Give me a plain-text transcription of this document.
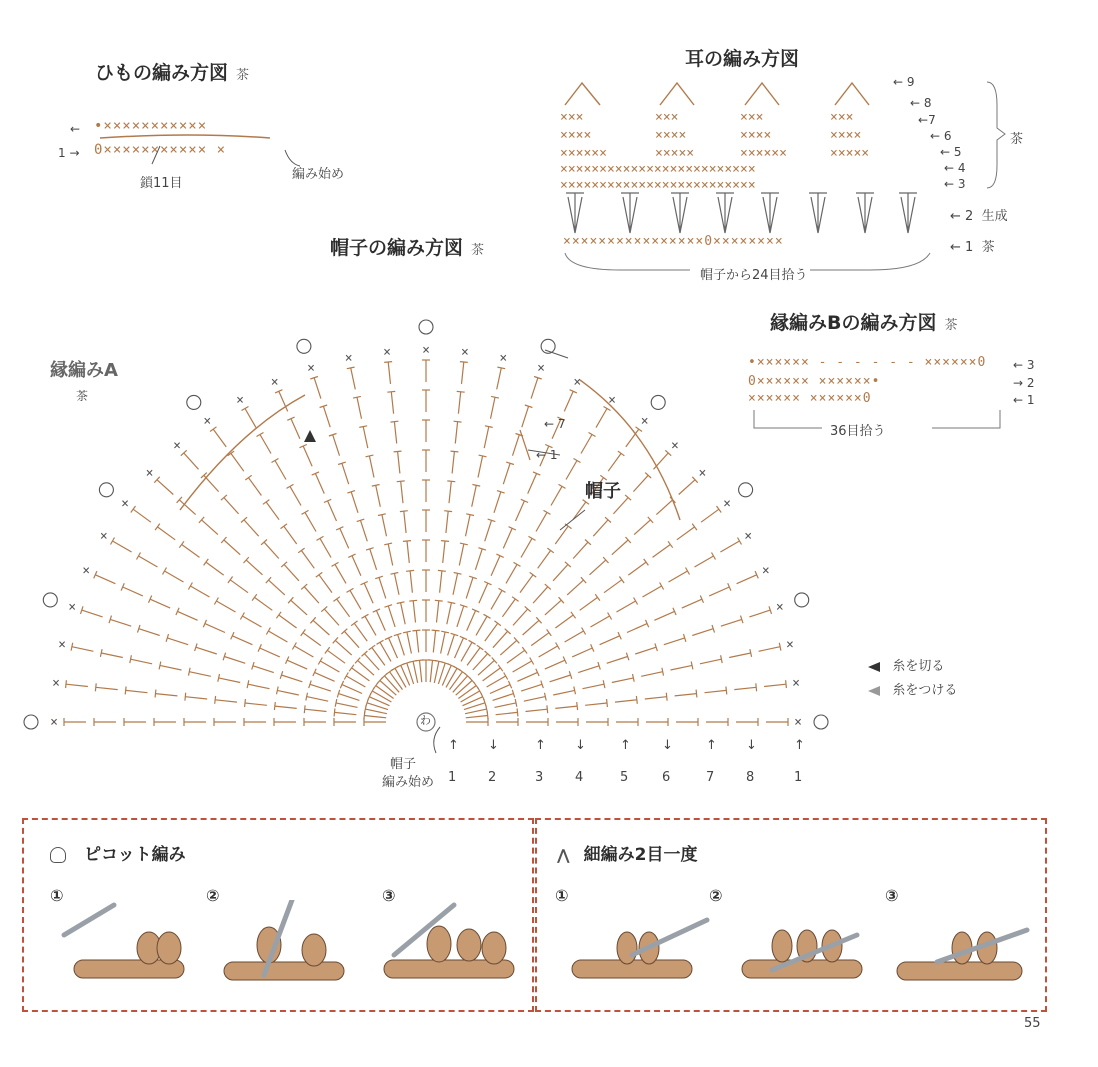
ひもの編み方図 茶
← •×××××××××××
1 → 0××××××××××× ×
鎖11目
編み始め
耳の編み方図
×××	×××	×××	×××
××××	××××	××××	××××
××××××	×××××	××××××	×××××
×××××××××××××××××××××××××
×××××××××××××××××××××××××
××××××××××××××××0××××××××
帽子から24目拾う
← 9
← 8
←7
← 6
← 5
← 4
← 3
茶
← 2 生成
← 1 茶
帽子の編み方図 茶
×
×
×
×
×
×
×
×
×
×
×
×
×
× × × × ×
×
×
×
×
×
×
×
×
×
×
×
×
×
わ
← 7
← 1
帽子
縁編みA
茶
帽子
編み始め
↑
1
↓
2
↑
3
↓
4
↑
5
↓
6
↑
7
↓
8
↑
1
縁編みBの編み方図 茶
•×××××× - - - - - - ××××××0
0×××××× ××××××•
×××××× ××××××0
← 3
→ 2
← 1
36目拾う
糸を切る
糸をつける
ピコット編み
①	②	③
⋀ 細編み2目一度
①	②	③
55
